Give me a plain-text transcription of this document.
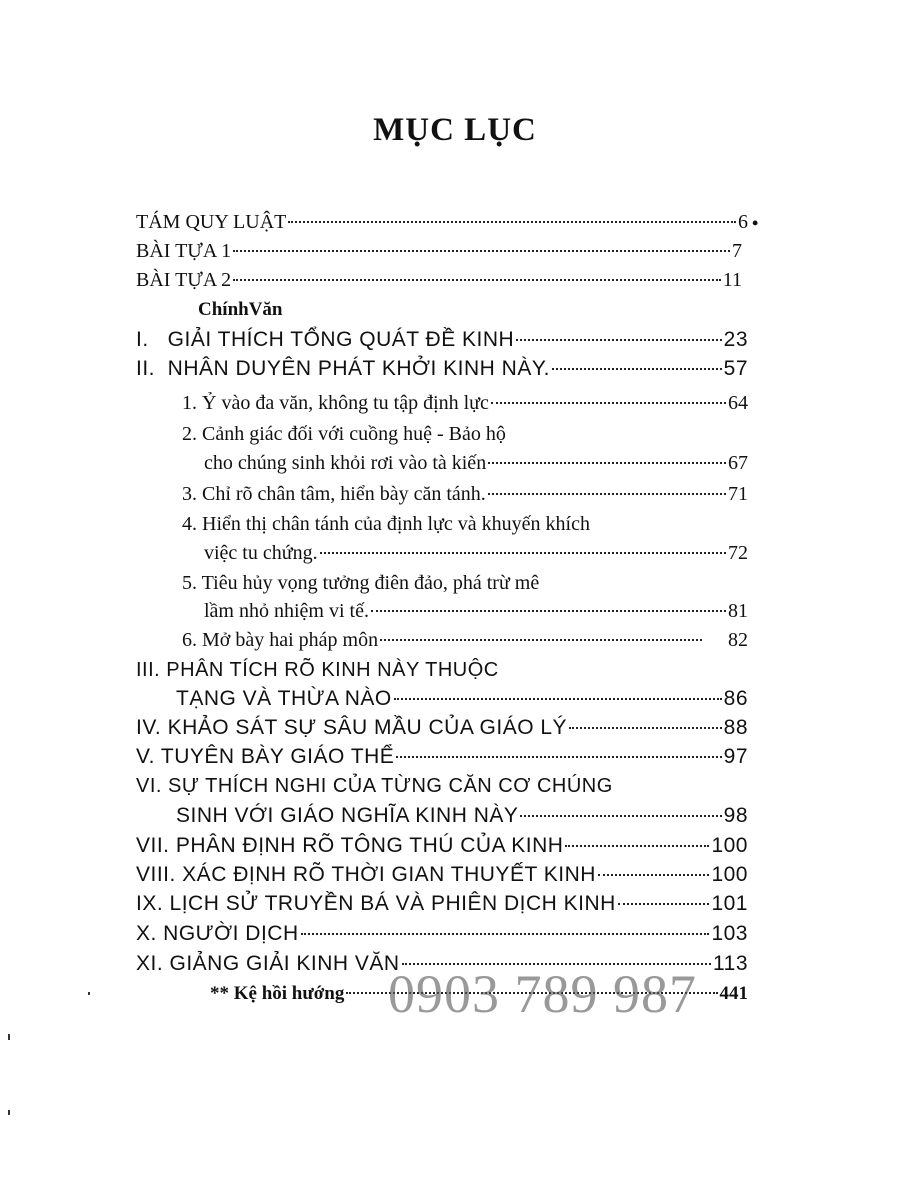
MỤC LỤC
•
TÁM QUY LUẬT	6
BÀI TỰA 1	7
BÀI TỰA 2	11
ChínhVăn
I.   GIẢI THÍCH TỔNG QUÁT ĐỀ KINH	23
II.  NHÂN DUYÊN PHÁT KHỞI KINH NÀY.	57
1. Ỷ vào đa văn, không tu tập định lực	64
2. Cảnh giác đối với cuồng huệ - Bảo hộ
cho chúng sinh khỏi rơi vào tà kiến	67
3. Chỉ rõ chân tâm, hiển bày căn tánh.	71
4. Hiển thị chân tánh của định lực và khuyến khích
việc tu chứng.	72
5. Tiêu hủy vọng tưởng điên đảo, phá trừ mê
lầm nhỏ nhiệm vi tế.	81
6. Mở bày hai pháp môn	82
III. PHÂN TÍCH RÕ KINH NÀY THUỘC
TẠNG VÀ THỪA NÀO	86
IV. KHẢO SÁT SỰ SÂU MẦU CỦA GIÁO LÝ	88
V. TUYÊN BÀY GIÁO THỂ	97
VI. SỰ THÍCH NGHI CỦA TỪNG CĂN CƠ CHÚNG
SINH VỚI GIÁO NGHĨA KINH NÀY	98
VII. PHÂN ĐỊNH RÕ TÔNG THÚ CỦA KINH	100
VIII. XÁC ĐỊNH RÕ THỜI GIAN THUYẾT KINH	100
IX. LỊCH SỬ TRUYỀN BÁ VÀ PHIÊN DỊCH KINH	101
X. NGƯỜI DỊCH	103
XI. GIẢNG GIẢI KINH VĂN	113
** Kệ hồi hướng	441
0903 789 987
